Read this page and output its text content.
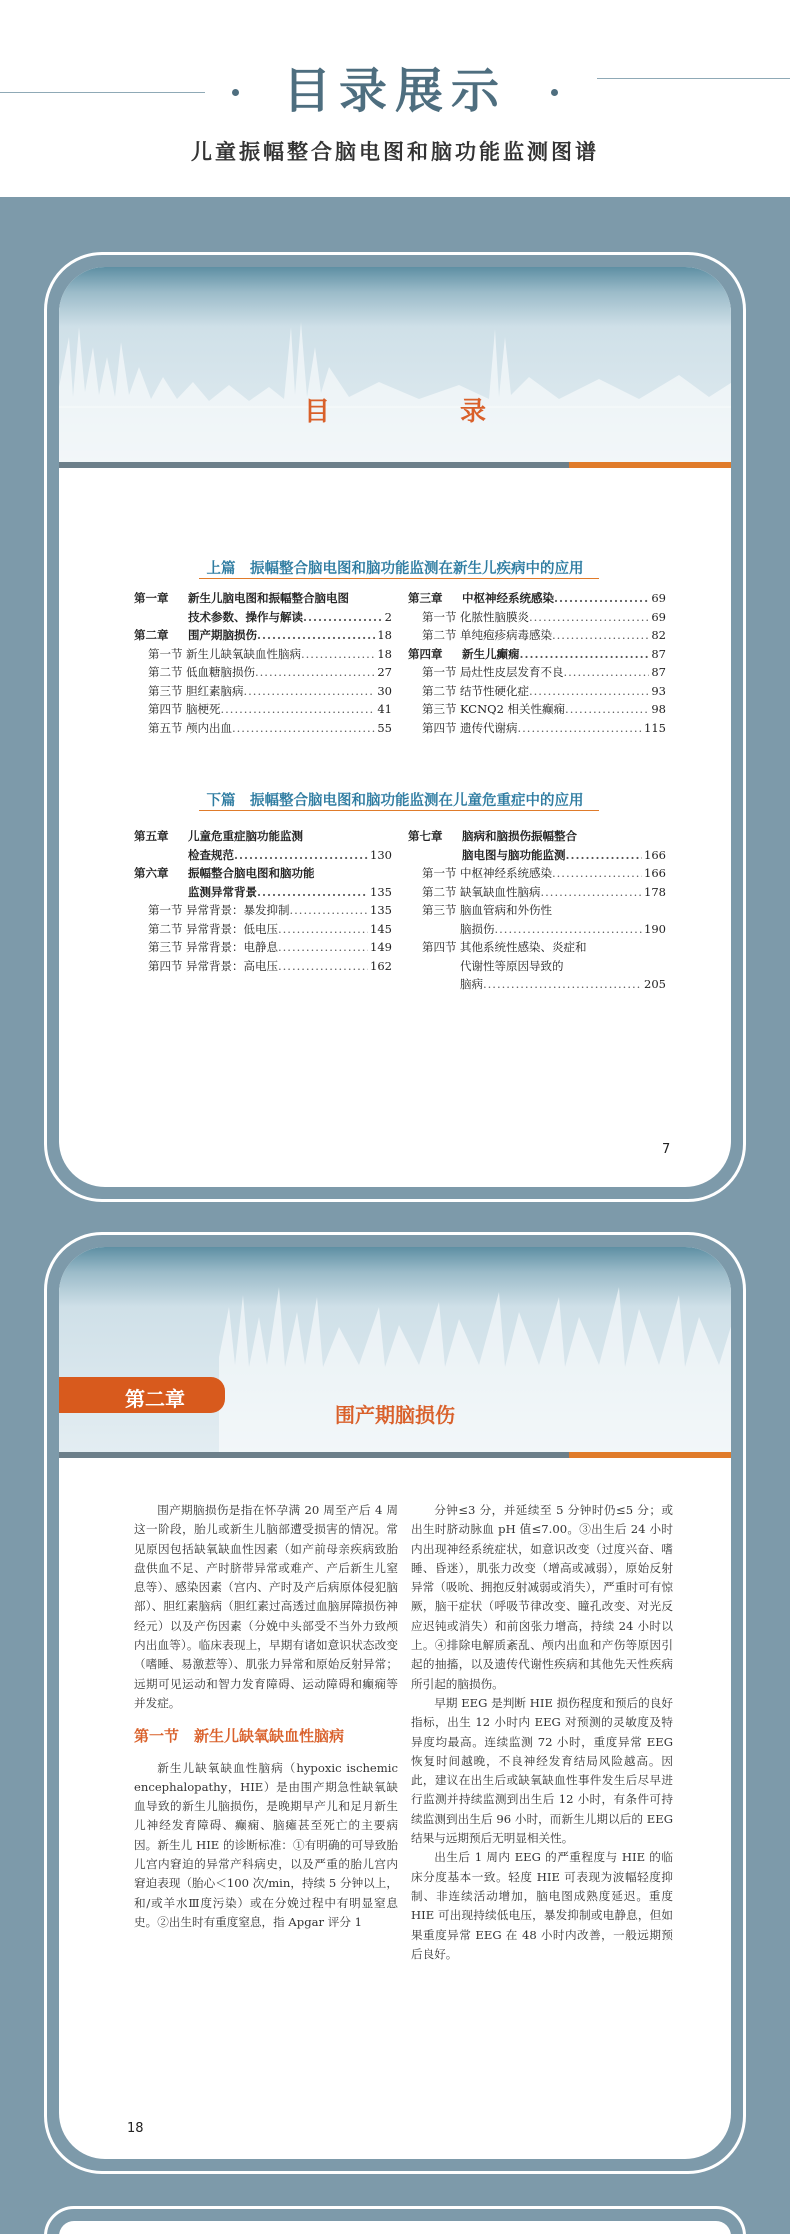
目录展示
儿童振幅整合脑电图和脑功能监测图谱
目　录
上篇　振幅整合脑电图和脑功能监测在新生儿疾病中的应用
第一章	新生儿脑电图和振幅整合脑电图
技术参数、操作与解读 .....	2
第二章	围产期脑损伤 .....	18
第一节 新生儿缺氧缺血性脑病 .....	18
第二节 低血糖脑损伤 .....	27
第三节 胆红素脑病 .....	30
第四节 脑梗死 .....	41
第五节 颅内出血 .....	55
第三章	中枢神经系统感染 .....	69
第一节 化脓性脑膜炎 .....	69
第二节 单纯疱疹病毒感染 .....	82
第四章	新生儿癫痫 .....	87
第一节 局灶性皮层发育不良 .....	87
第二节 结节性硬化症 .....	93
第三节 KCNQ2 相关性癫痫 .....	98
第四节 遗传代谢病 .....	115
下篇　振幅整合脑电图和脑功能监测在儿童危重症中的应用
第五章	儿童危重症脑功能监测
检查规范 .....	130
第六章	振幅整合脑电图和脑功能
监测异常背景 .....	135
第一节 异常背景：暴发抑制 .....	135
第二节 异常背景：低电压 .....	145
第三节 异常背景：电静息 .....	149
第四节 异常背景：高电压 .....	162
第七章	脑病和脑损伤振幅整合
脑电图与脑功能监测 .....	166
第一节 中枢神经系统感染 .....	166
第二节 缺氧缺血性脑病 .....	178
第三节 脑血管病和外伤性
脑损伤 .....	190
第四节 其他系统性感染、炎症和
代谢性等原因导致的
脑病 .....	205
7
第二章
围产期脑损伤

围产期脑损伤是指在怀孕满 20 周至产后 4 周这一阶段，胎儿或新生儿脑部遭受损害的情况。常见原因包括缺氧缺血性因素（如产前母亲疾病致胎盘供血不足、产时脐带异常或难产、产后新生儿窒息等）、感染因素（宫内、产时及产后病原体侵犯脑部）、胆红素脑病（胆红素过高透过血脑屏障损伤神经元）以及产伤因素（分娩中头部受不当外力致颅内出血等）。临床表现上，早期有诸如意识状态改变（嗜睡、易激惹等）、肌张力异常和原始反射异常；远期可见运动和智力发育障碍、运动障碍和癫痫等并发症。

第一节　新生儿缺氧缺血性脑病

新生儿缺氧缺血性脑病（hypoxic ischemic encephalopathy，HIE）是由围产期急性缺氧缺血导致的新生儿脑损伤，是晚期早产儿和足月新生儿神经发育障碍、癫痫、脑瘫甚至死亡的主要病因。新生儿 HIE 的诊断标准：①有明确的可导致胎儿宫内窘迫的异常产科病史，以及严重的胎儿宫内窘迫表现（胎心＜100 次/min，持续 5 分钟以上，和/或羊水Ⅲ度污染）或在分娩过程中有明显窒息史。②出生时有重度窒息，指 Apgar 评分 1

分钟≤3 分，并延续至 5 分钟时仍≤5 分；或出生时脐动脉血 pH 值≤7.00。③出生后 24 小时内出现神经系统症状，如意识改变（过度兴奋、嗜睡、昏迷），肌张力改变（增高或减弱），原始反射异常（吸吮、拥抱反射减弱或消失），严重时可有惊厥，脑干症状（呼吸节律改变、瞳孔改变、对光反应迟钝或消失）和前囟张力增高，持续 24 小时以上。④排除电解质紊乱、颅内出血和产伤等原因引起的抽搐，以及遗传代谢性疾病和其他先天性疾病所引起的脑损伤。

早期 EEG 是判断 HIE 损伤程度和预后的良好指标，出生 12 小时内 EEG 对预测的灵敏度及特异度均最高。连续监测 72 小时，重度异常 EEG 恢复时间越晚，不良神经发育结局风险越高。因此，建议在出生后或缺氧缺血性事件发生后尽早进行监测并持续监测到出生后 12 小时，有条件可持续监测到出生后 96 小时，而新生儿期以后的 EEG 结果与远期预后无明显相关性。

出生后 1 周内 EEG 的严重程度与 HIE 的临床分度基本一致。轻度 HIE 可表现为波幅轻度抑制、非连续活动增加，脑电图成熟度延迟。重度 HIE 可出现持续低电压，暴发抑制或电静息，但如果重度异常 EEG 在 48 小时内改善，一般远期预后良好。

18
